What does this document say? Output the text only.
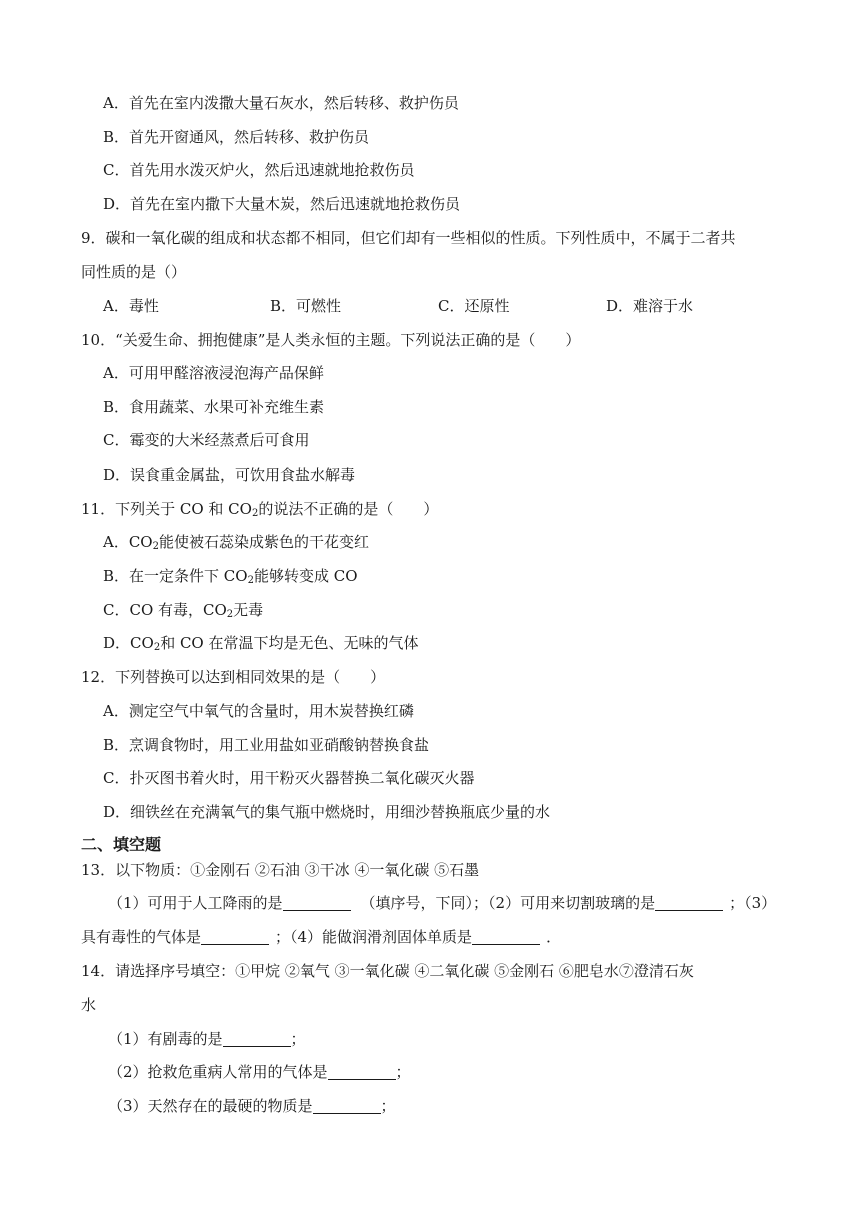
A．首先在室内泼撒大量石灰水，然后转移、救护伤员
B．首先开窗通风，然后转移、救护伤员
C．首先用水泼灭炉火，然后迅速就地抢救伤员
D．首先在室内撒下大量木炭，然后迅速就地抢救伤员
9．碳和一氧化碳的组成和状态都不相同，但它们却有一些相似的性质。下列性质中，不属于二者共
同性质的是（）
A．毒性	B．可燃性	C．还原性	D．难溶于水
10．“关爱生命、拥抱健康”是人类永恒的主题。下列说法正确的是（　　）
A．可用甲醛溶液浸泡海产品保鲜
B．食用蔬菜、水果可补充维生素
C．霉变的大米经蒸煮后可食用
D．误食重金属盐，可饮用食盐水解毒
11．下列关于 CO 和 $CO_2$的说法不正确的是（　　）
A．$CO_2$能使被石蕊染成紫色的干花变红
B．在一定条件下 $CO_2$能够转变成 CO
C．CO 有毒，$CO_2$无毒
D．$CO_2$和 CO 在常温下均是无色、无味的气体
12．下列替换可以达到相同效果的是（　　）
A．测定空气中氧气的含量时，用木炭替换红磷
B．烹调食物时，用工业用盐如亚硝酸钠替换食盐
C．扑灭图书着火时，用干粉灭火器替换二氧化碳灭火器
D．细铁丝在充满氧气的集气瓶中燃烧时，用细沙替换瓶底少量的水
二、填空题
13．以下物质：①金刚石 ②石油 ③干冰 ④一氧化碳 ⑤石墨
（1）可用于人工降雨的是	（填序号，下同）；（2）可用来切割玻璃的是	；（3）
具有毒性的气体是	；（4）能做润滑剂固体单质是	．
14．请选择序号填空：①甲烷 ②氧气 ③一氧化碳 ④二氧化碳 ⑤金刚石 ⑥肥皂水⑦澄清石灰
水
（1）有剧毒的是	；
（2）抢救危重病人常用的气体是	；
（3）天然存在的最硬的物质是	；
